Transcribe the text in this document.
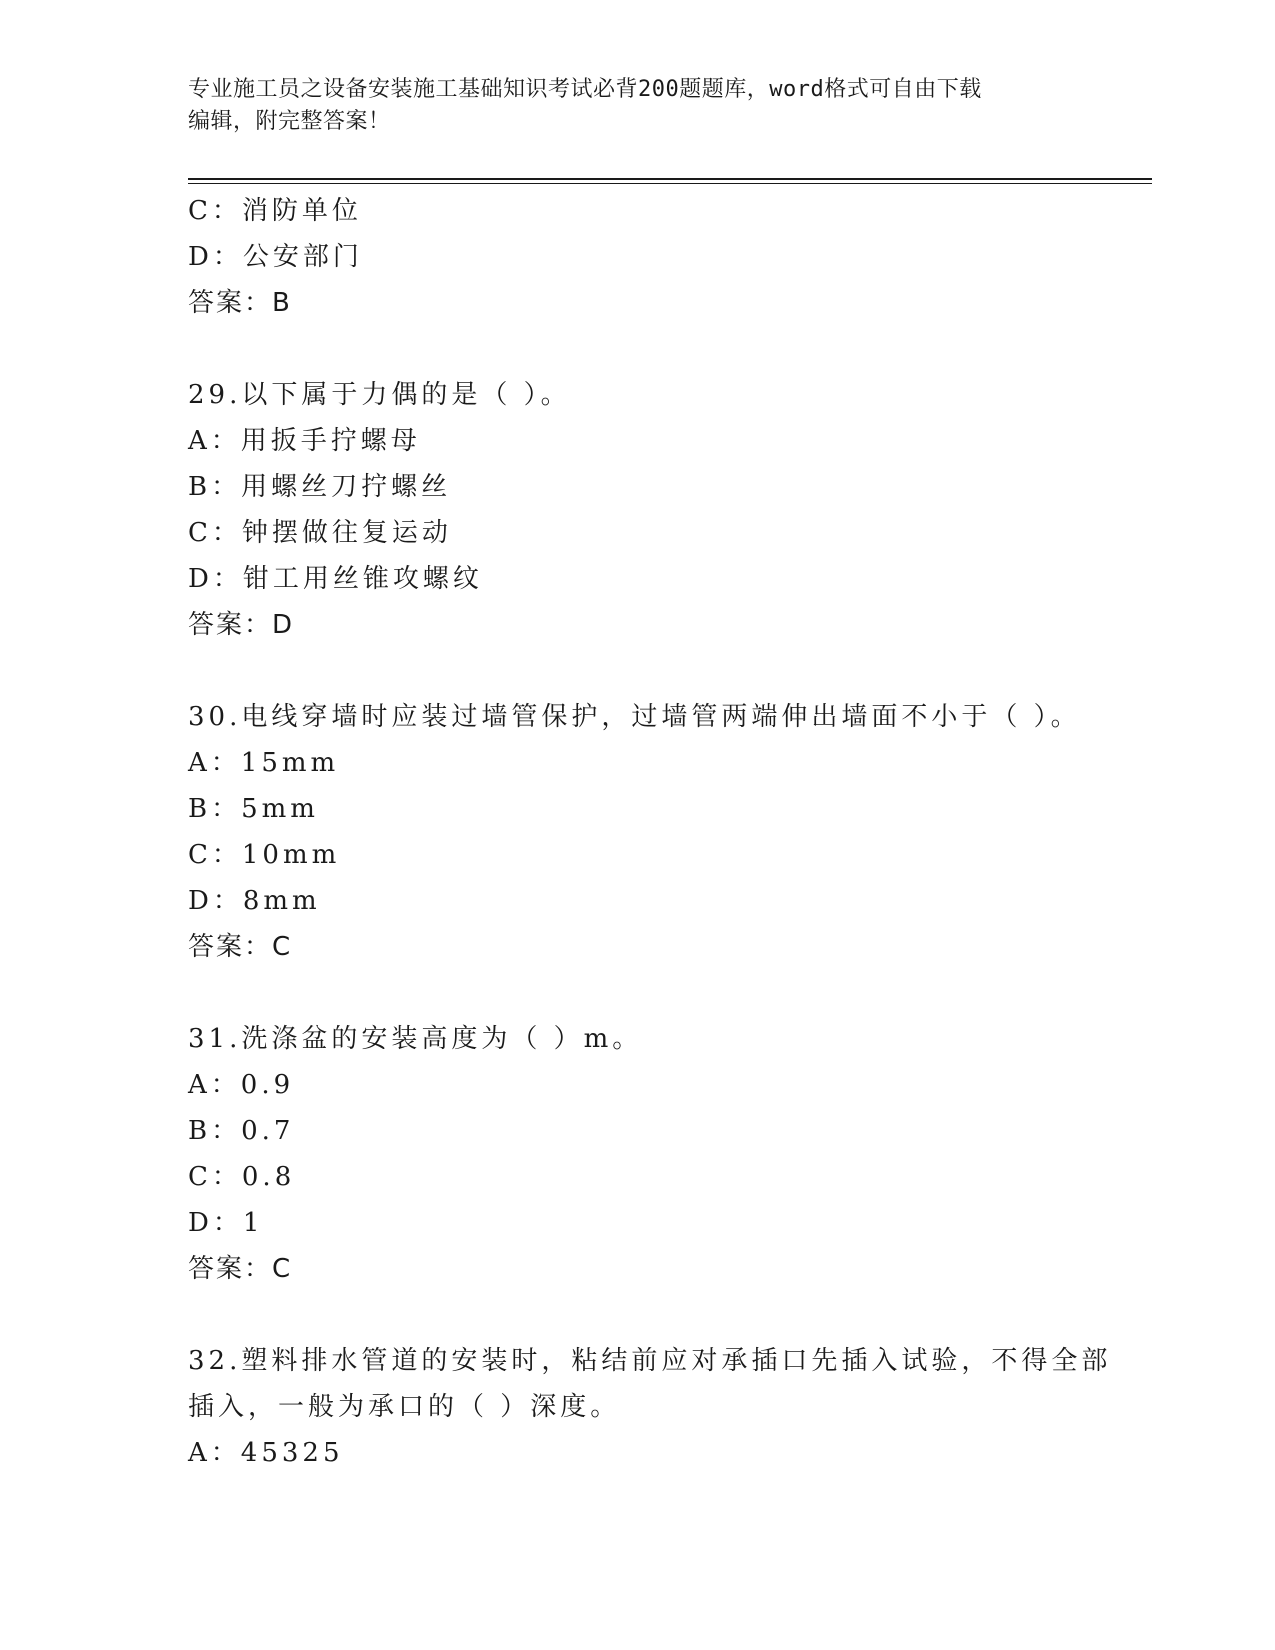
专业施工员之设备安装施工基础知识考试必背200题题库，word格式可自由下载
编辑，附完整答案！
C：消防单位
D：公安部门
答案：B
29.以下属于力偶的是（ ）。
A：用扳手拧螺母
B：用螺丝刀拧螺丝
C：钟摆做往复运动
D：钳工用丝锥攻螺纹
答案：D
30.电线穿墙时应装过墙管保护，过墙管两端伸出墙面不小于（ ）。
A：15mm
B：5mm
C：10mm
D：8mm
答案：C
31.洗涤盆的安装高度为（ ）m。
A：0.9
B：0.7
C：0.8
D：1
答案：C
32.塑料排水管道的安装时，粘结前应对承插口先插入试验，不得全部
插入，一般为承口的（ ）深度。
A：45325
